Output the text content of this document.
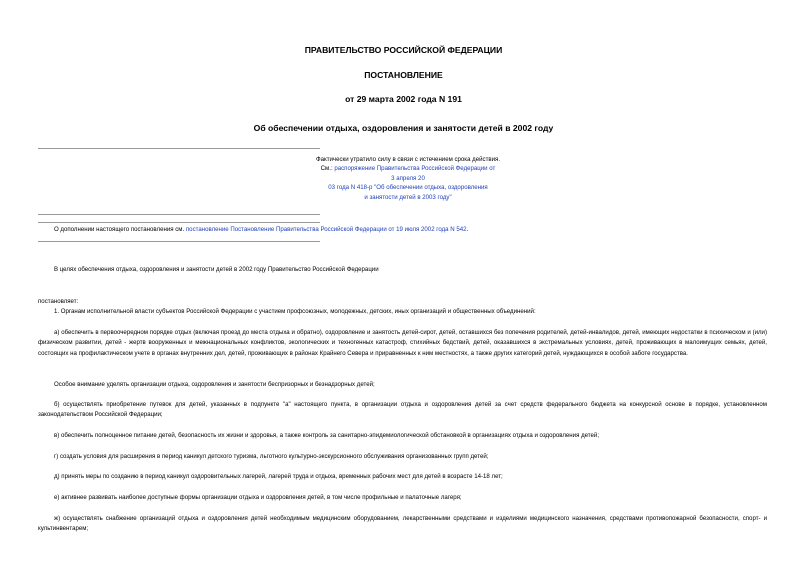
ПРАВИТЕЛЬСТВО РОССИЙСКОЙ ФЕДЕРАЦИИ
ПОСТАНОВЛЕНИЕ
от 29 марта 2002 года N 191
Об обеспечении отдыха, оздоровления и занятости детей в 2002 году

Фактически утратило силу в связи с истечением срока действия.

См.: распоряжение Правительства Российской Федерации от

3 апреля 20

03 года N 418-р "Об обеспечении отдыха, оздоровления

и занятости детей в 2003 году"

О дополнении настоящего постановления см. постановление Постановление Правительства Российской Федерации от 19 июля 2002 года N 542.

В целях обеспечения отдыха, оздоровления и занятости детей в 2002 году Правительство Российской Федерации

постановляет:

1. Органам исполнительной власти субъектов Российской Федерации с участием профсоюзных, молодежных, детских, иных организаций и общественных объединений:

а) обеспечить в первоочередном порядке отдых (включая проезд до места отдыха и обратно), оздоровление и занятость детей-сирот, детей, оставшихся без попечения родителей, детей-инвалидов, детей, имеющих недостатки в психическом и (или) физическом развитии, детей - жертв вооруженных и межнациональных конфликтов, экологических и техногенных катастроф, стихийных бедствий, детей, оказавшихся в экстремальных условиях, детей, проживающих в малоимущих семьях, детей, состоящих на профилактическом учете в органах внутренних дел, детей, проживающих в районах Крайнего Севера и приравненных к ним местностях, а также других категорий детей, нуждающихся в особой заботе государства.

Особое внимание уделять организации отдыха, оздоровления и занятости беспризорных и безнадзорных детей;

б) осуществлять приобретение путевок для детей, указанных в подпункте "а" настоящего пункта, в организации отдыха и оздоровления детей за счет средств федерального бюджета на конкурсной основе в порядке, установленном законодательством Российской Федерации;

в) обеспечить полноценное питание детей, безопасность их жизни и здоровья, а также контроль за санитарно-эпидемиологической обстановкой в организациях отдыха и оздоровления детей;

г) создать условия для расширения в период каникул детского туризма, льготного культурно-экскурсионного обслуживания организованных групп детей;

д) принять меры по созданию в период каникул оздоровительных лагерей, лагерей труда и отдыха, временных рабочих мест для детей в возрасте 14-18 лет;

е) активнее развивать наиболее доступные формы организации отдыха и оздоровления детей, в том числе профильные и палаточные лагеря;

ж) осуществлять снабжение организаций отдыха и оздоровления детей необходимым медицинским оборудованием, лекарственными средствами и изделиями медицинского назначения, средствами противопожарной безопасности, спорт- и культинвентарем;
